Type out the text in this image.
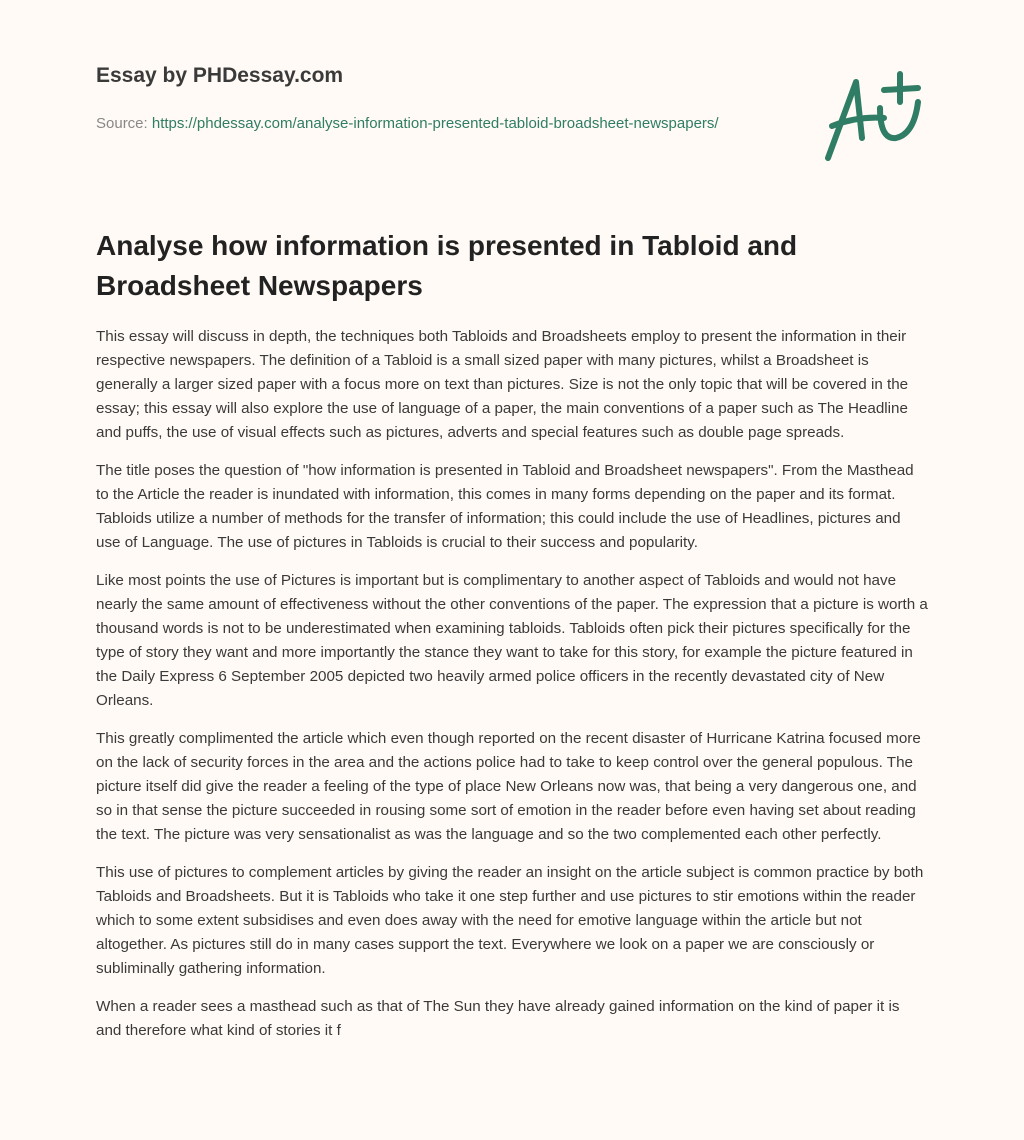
Essay by PHDessay.com
Source: https://phdessay.com/analyse-information-presented-tabloid-broadsheet-newspapers/
Analyse how information is presented in Tabloid and Broadsheet Newspapers

This essay will discuss in depth, the techniques both Tabloids and Broadsheets employ to present the information in their respective newspapers. The definition of a Tabloid is a small sized paper with many pictures, whilst a Broadsheet is generally a larger sized paper with a focus more on text than pictures. Size is not the only topic that will be covered in the essay; this essay will also explore the use of language of a paper, the main conventions of a paper such as The Headline and puffs, the use of visual effects such as pictures, adverts and special features such as double page spreads.

The title poses the question of "how information is presented in Tabloid and Broadsheet newspapers". From the Masthead to the Article the reader is inundated with information, this comes in many forms depending on the paper and its format. Tabloids utilize a number of methods for the transfer of information; this could include the use of Headlines, pictures and use of Language. The use of pictures in Tabloids is crucial to their success and popularity.

Like most points the use of Pictures is important but is complimentary to another aspect of Tabloids and would not have nearly the same amount of effectiveness without the other conventions of the paper. The expression that a picture is worth a thousand words is not to be underestimated when examining tabloids. Tabloids often pick their pictures specifically for the type of story they want and more importantly the stance they want to take for this story, for example the picture featured in the Daily Express 6 September 2005 depicted two heavily armed police officers in the recently devastated city of New Orleans.

This greatly complimented the article which even though reported on the recent disaster of Hurricane Katrina focused more on the lack of security forces in the area and the actions police had to take to keep control over the general populous. The picture itself did give the reader a feeling of the type of place New Orleans now was, that being a very dangerous one, and so in that sense the picture succeeded in rousing some sort of emotion in the reader before even having set about reading the text. The picture was very sensationalist as was the language and so the two complemented each other perfectly.

This use of pictures to complement articles by giving the reader an insight on the article subject is common practice by both Tabloids and Broadsheets. But it is Tabloids who take it one step further and use pictures to stir emotions within the reader which to some extent subsidises and even does away with the need for emotive language within the article but not altogether. As pictures still do in many cases support the text. Everywhere we look on a paper we are consciously or subliminally gathering information.

When a reader sees a masthead such as that of The Sun they have already gained information on the kind of paper it is and therefore what kind of stories it f
